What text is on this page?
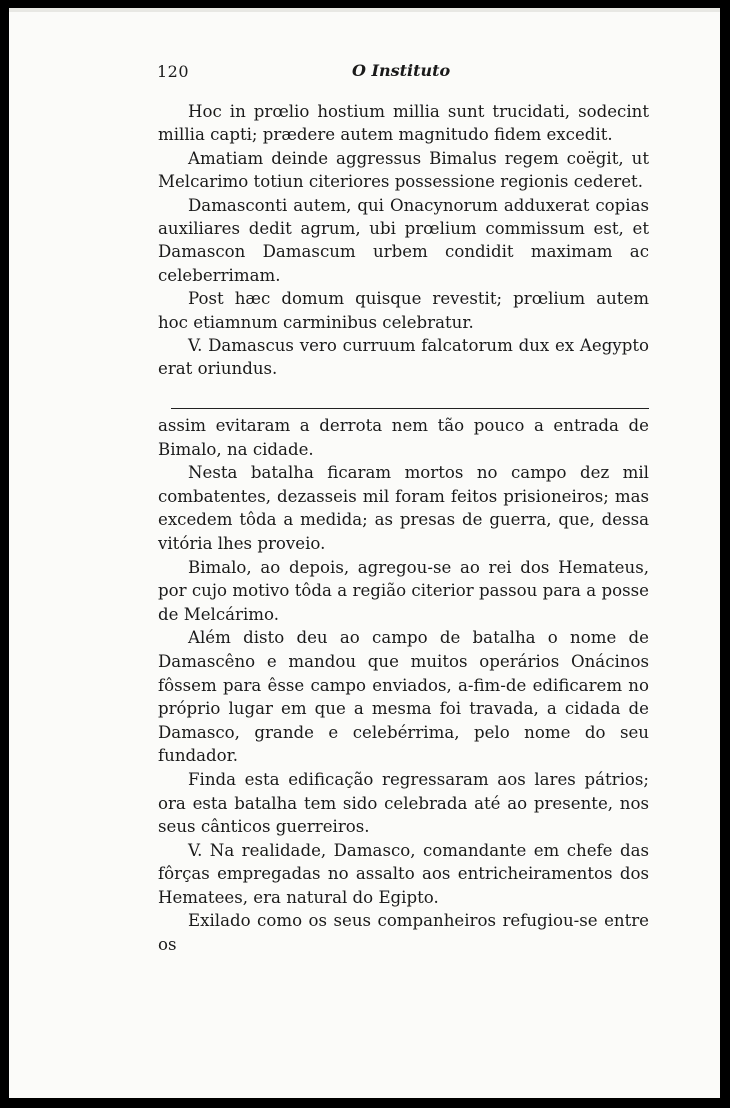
120	O Instituto

Hoc in prœlio hostium millia sunt trucidati, sodecint millia capti; prædere autem magnitudo fidem excedit.

Amatiam deinde aggressus Bimalus regem coëgit, ut Melcarimo totiun citeriores possessione regionis cederet.

Damasconti autem, qui Onacynorum adduxerat copias auxiliares dedit agrum, ubi prœlium commissum est, et Damascon Damascum urbem condidit maximam ac celeberrimam.

Post hæc domum quisque revestit; prœlium autem hoc etiamnum carminibus celebratur.

V. Damascus vero curruum falcatorum dux ex Aegypto erat oriundus.

assim evitaram a derrota nem tão pouco a entrada de Bimalo, na cidade.

Nesta batalha ficaram mortos no campo dez mil combatentes, dezasseis mil foram feitos prisioneiros; mas excedem tôda a medida; as presas de guerra, que, dessa vitória lhes proveio.

Bimalo, ao depois, agregou-se ao rei dos Hemateus, por cujo motivo tôda a região citerior passou para a posse de Melcárimo.

Além disto deu ao campo de batalha o nome de Damascêno e mandou que muitos operários Onácinos fôssem para êsse campo enviados, a-fim-de edificarem no próprio lugar em que a mesma foi travada, a cidada de Damasco, grande e celebérrima, pelo nome do seu fundador.

Finda esta edificação regressaram aos lares pátrios; ora esta batalha tem sido celebrada até ao presente, nos seus cânticos guerreiros.

V. Na realidade, Damasco, comandante em chefe das fôrças empregadas no assalto aos entricheiramentos dos Hematees, era natural do Egipto.

Exilado como os seus companheiros refugiou-se entre os
